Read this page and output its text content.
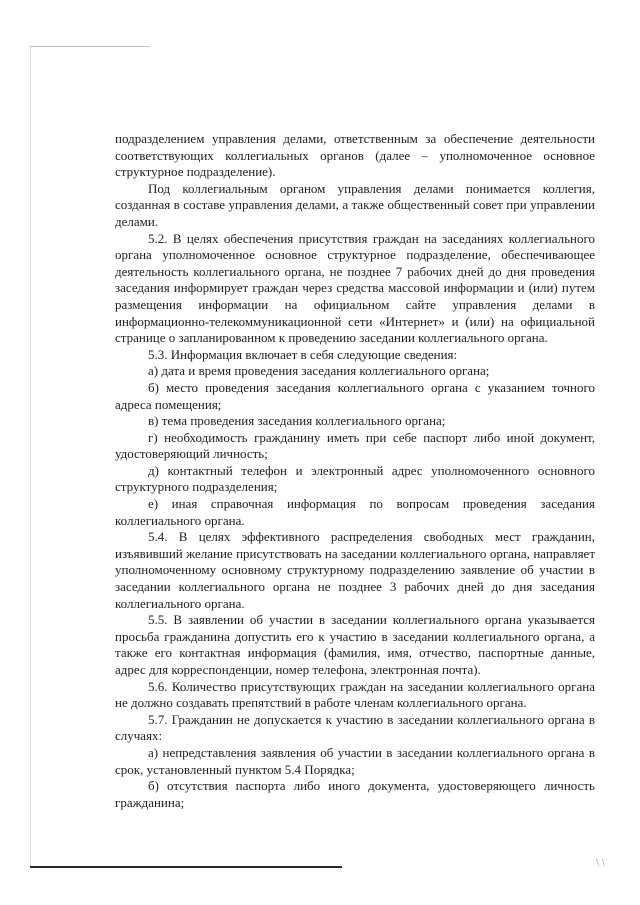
\ \

подразделением управления делами, ответственным за обеспечение деятельности соответствующих коллегиальных органов (далее – уполномоченное основное структурное подразделение).

Под коллегиальным органом управления делами понимается коллегия, созданная в составе управления делами, а также общественный совет при управлении делами.

5.2. В целях обеспечения присутствия граждан на заседаниях коллегиального органа уполномоченное основное структурное подразделение, обеспечивающее деятельность коллегиального органа, не позднее 7 рабочих дней до дня проведения заседания информирует граждан через средства массовой информации и (или) путем размещения информации на официальном сайте управления делами в информационно-телекоммуникационной сети «Интернет» и (или) на официальной странице о запланированном к проведению заседании коллегиального органа.

5.3. Информация включает в себя следующие сведения:

а) дата и время проведения заседания коллегиального органа;

б) место проведения заседания коллегиального органа с указанием точного адреса помещения;

в) тема проведения заседания коллегиального органа;

г) необходимость гражданину иметь при себе паспорт либо иной документ, удостоверяющий личность;

д) контактный телефон и электронный адрес уполномоченного основного структурного подразделения;

е) иная справочная информация по вопросам проведения заседания коллегиального органа.

5.4. В целях эффективного распределения свободных мест гражданин, изъявивший желание присутствовать на заседании коллегиального органа, направляет уполномоченному основному структурному подразделению заявление об участии в заседании коллегиального органа не позднее 3 рабочих дней до дня заседания коллегиального органа.

5.5. В заявлении об участии в заседании коллегиального органа указывается просьба гражданина допустить его к участию в заседании коллегиального органа, а также его контактная информация (фамилия, имя, отчество, паспортные данные, адрес для корреспонденции, номер телефона, электронная почта).

5.6. Количество присутствующих граждан на заседании коллегиального органа не должно создавать препятствий в работе членам коллегиального органа.

5.7. Гражданин не допускается к участию в заседании коллегиального органа в случаях:

а) непредставления заявления об участии в заседании коллегиального органа в срок, установленный пунктом 5.4 Порядка;

б) отсутствия паспорта либо иного документа, удостоверяющего личность гражданина;
